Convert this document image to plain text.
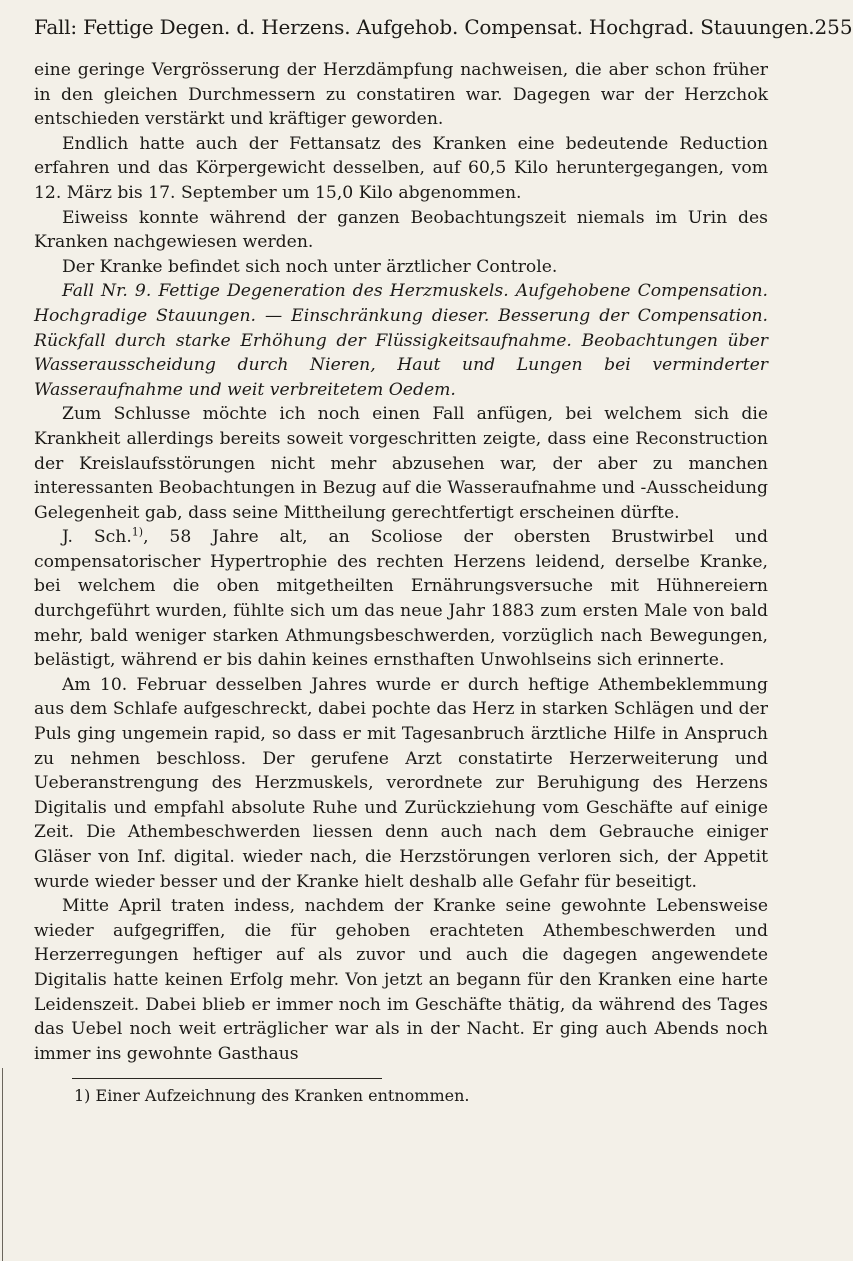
Fall: Fettige Degen. d. Herzens. Aufgehob. Compensat. Hochgrad. Stauungen. 255

eine geringe Vergrösserung der Herzdämpfung nachweisen, die aber schon früher in den gleichen Durchmessern zu constatiren war. Dagegen war der Herzchok entschieden verstärkt und kräftiger geworden.

Endlich hatte auch der Fettansatz des Kranken eine bedeutende Reduction erfahren und das Körpergewicht desselben, auf 60,5 Kilo heruntergegangen, vom 12. März bis 17. September um 15,0 Kilo abgenommen.

Eiweiss konnte während der ganzen Beobachtungszeit niemals im Urin des Kranken nachgewiesen werden.

Der Kranke befindet sich noch unter ärztlicher Controle.

Fall Nr. 9. Fettige Degeneration des Herzmuskels. Aufgehobene Compensation. Hochgradige Stauungen. — Einschränkung dieser. Besserung der Compensation. Rückfall durch starke Erhöhung der Flüssigkeitsaufnahme. Beobachtungen über Wasserausscheidung durch Nieren, Haut und Lungen bei verminderter Wasseraufnahme und weit verbreitetem Oedem.

Zum Schlusse möchte ich noch einen Fall anfügen, bei welchem sich die Krankheit allerdings bereits soweit vorgeschritten zeigte, dass eine Reconstruction der Kreislaufsstörungen nicht mehr abzusehen war, der aber zu manchen interessanten Beobachtungen in Bezug auf die Wasseraufnahme und -Ausscheidung Gelegenheit gab, dass seine Mittheilung gerechtfertigt erscheinen dürfte.

J. Sch.$^{1)}$, 58 Jahre alt, an Scoliose der obersten Brustwirbel und compensatorischer Hypertrophie des rechten Herzens leidend, derselbe Kranke, bei welchem die oben mitgetheilten Ernährungsversuche mit Hühnereiern durchgeführt wurden, fühlte sich um das neue Jahr 1883 zum ersten Male von bald mehr, bald weniger starken Athmungsbeschwerden, vorzüglich nach Bewegungen, belästigt, während er bis dahin keines ernsthaften Unwohlseins sich erinnerte.

Am 10. Februar desselben Jahres wurde er durch heftige Athembeklemmung aus dem Schlafe aufgeschreckt, dabei pochte das Herz in starken Schlägen und der Puls ging ungemein rapid, so dass er mit Tagesanbruch ärztliche Hilfe in Anspruch zu nehmen beschloss. Der gerufene Arzt constatirte Herzerweiterung und Ueberanstrengung des Herzmuskels, verordnete zur Beruhigung des Herzens Digitalis und empfahl absolute Ruhe und Zurückziehung vom Geschäfte auf einige Zeit. Die Athembeschwerden liessen denn auch nach dem Gebrauche einiger Gläser von Inf. digital. wieder nach, die Herzstörungen verloren sich, der Appetit wurde wieder besser und der Kranke hielt deshalb alle Gefahr für beseitigt.

Mitte April traten indess, nachdem der Kranke seine gewohnte Lebensweise wieder aufgegriffen, die für gehoben erachteten Athembeschwerden und Herzerregungen heftiger auf als zuvor und auch die dagegen angewendete Digitalis hatte keinen Erfolg mehr. Von jetzt an begann für den Kranken eine harte Leidenszeit. Dabei blieb er immer noch im Geschäfte thätig, da während des Tages das Uebel noch weit erträglicher war als in der Nacht. Er ging auch Abends noch immer ins gewohnte Gasthaus

1) Einer Aufzeichnung des Kranken entnommen.
